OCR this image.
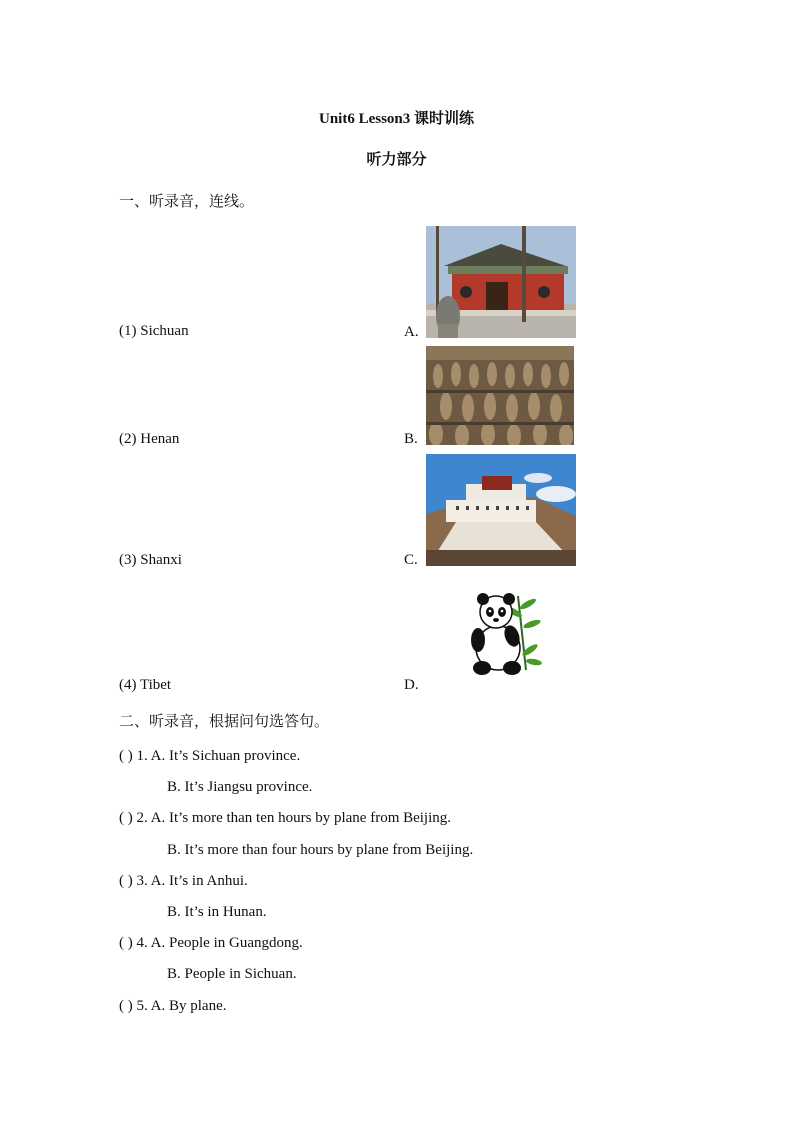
Unit6 Lesson3 课时训练
听力部分
一、听录音，连线。
(1) Sichuan
(2) Henan
(3) Shanxi
(4) Tibet
A.
B.
C.
D.
二、听录音，根据问句选答句。
( ) 1. A. It’s Sichuan province.
B. It’s Jiangsu province.
( ) 2. A. It’s more than ten hours by plane from Beijing.
B. It’s more than four hours by plane from Beijing.
( ) 3. A. It’s in Anhui.
B. It’s in Hunan.
( ) 4. A. People in Guangdong.
B. People in Sichuan.
( ) 5. A. By plane.
